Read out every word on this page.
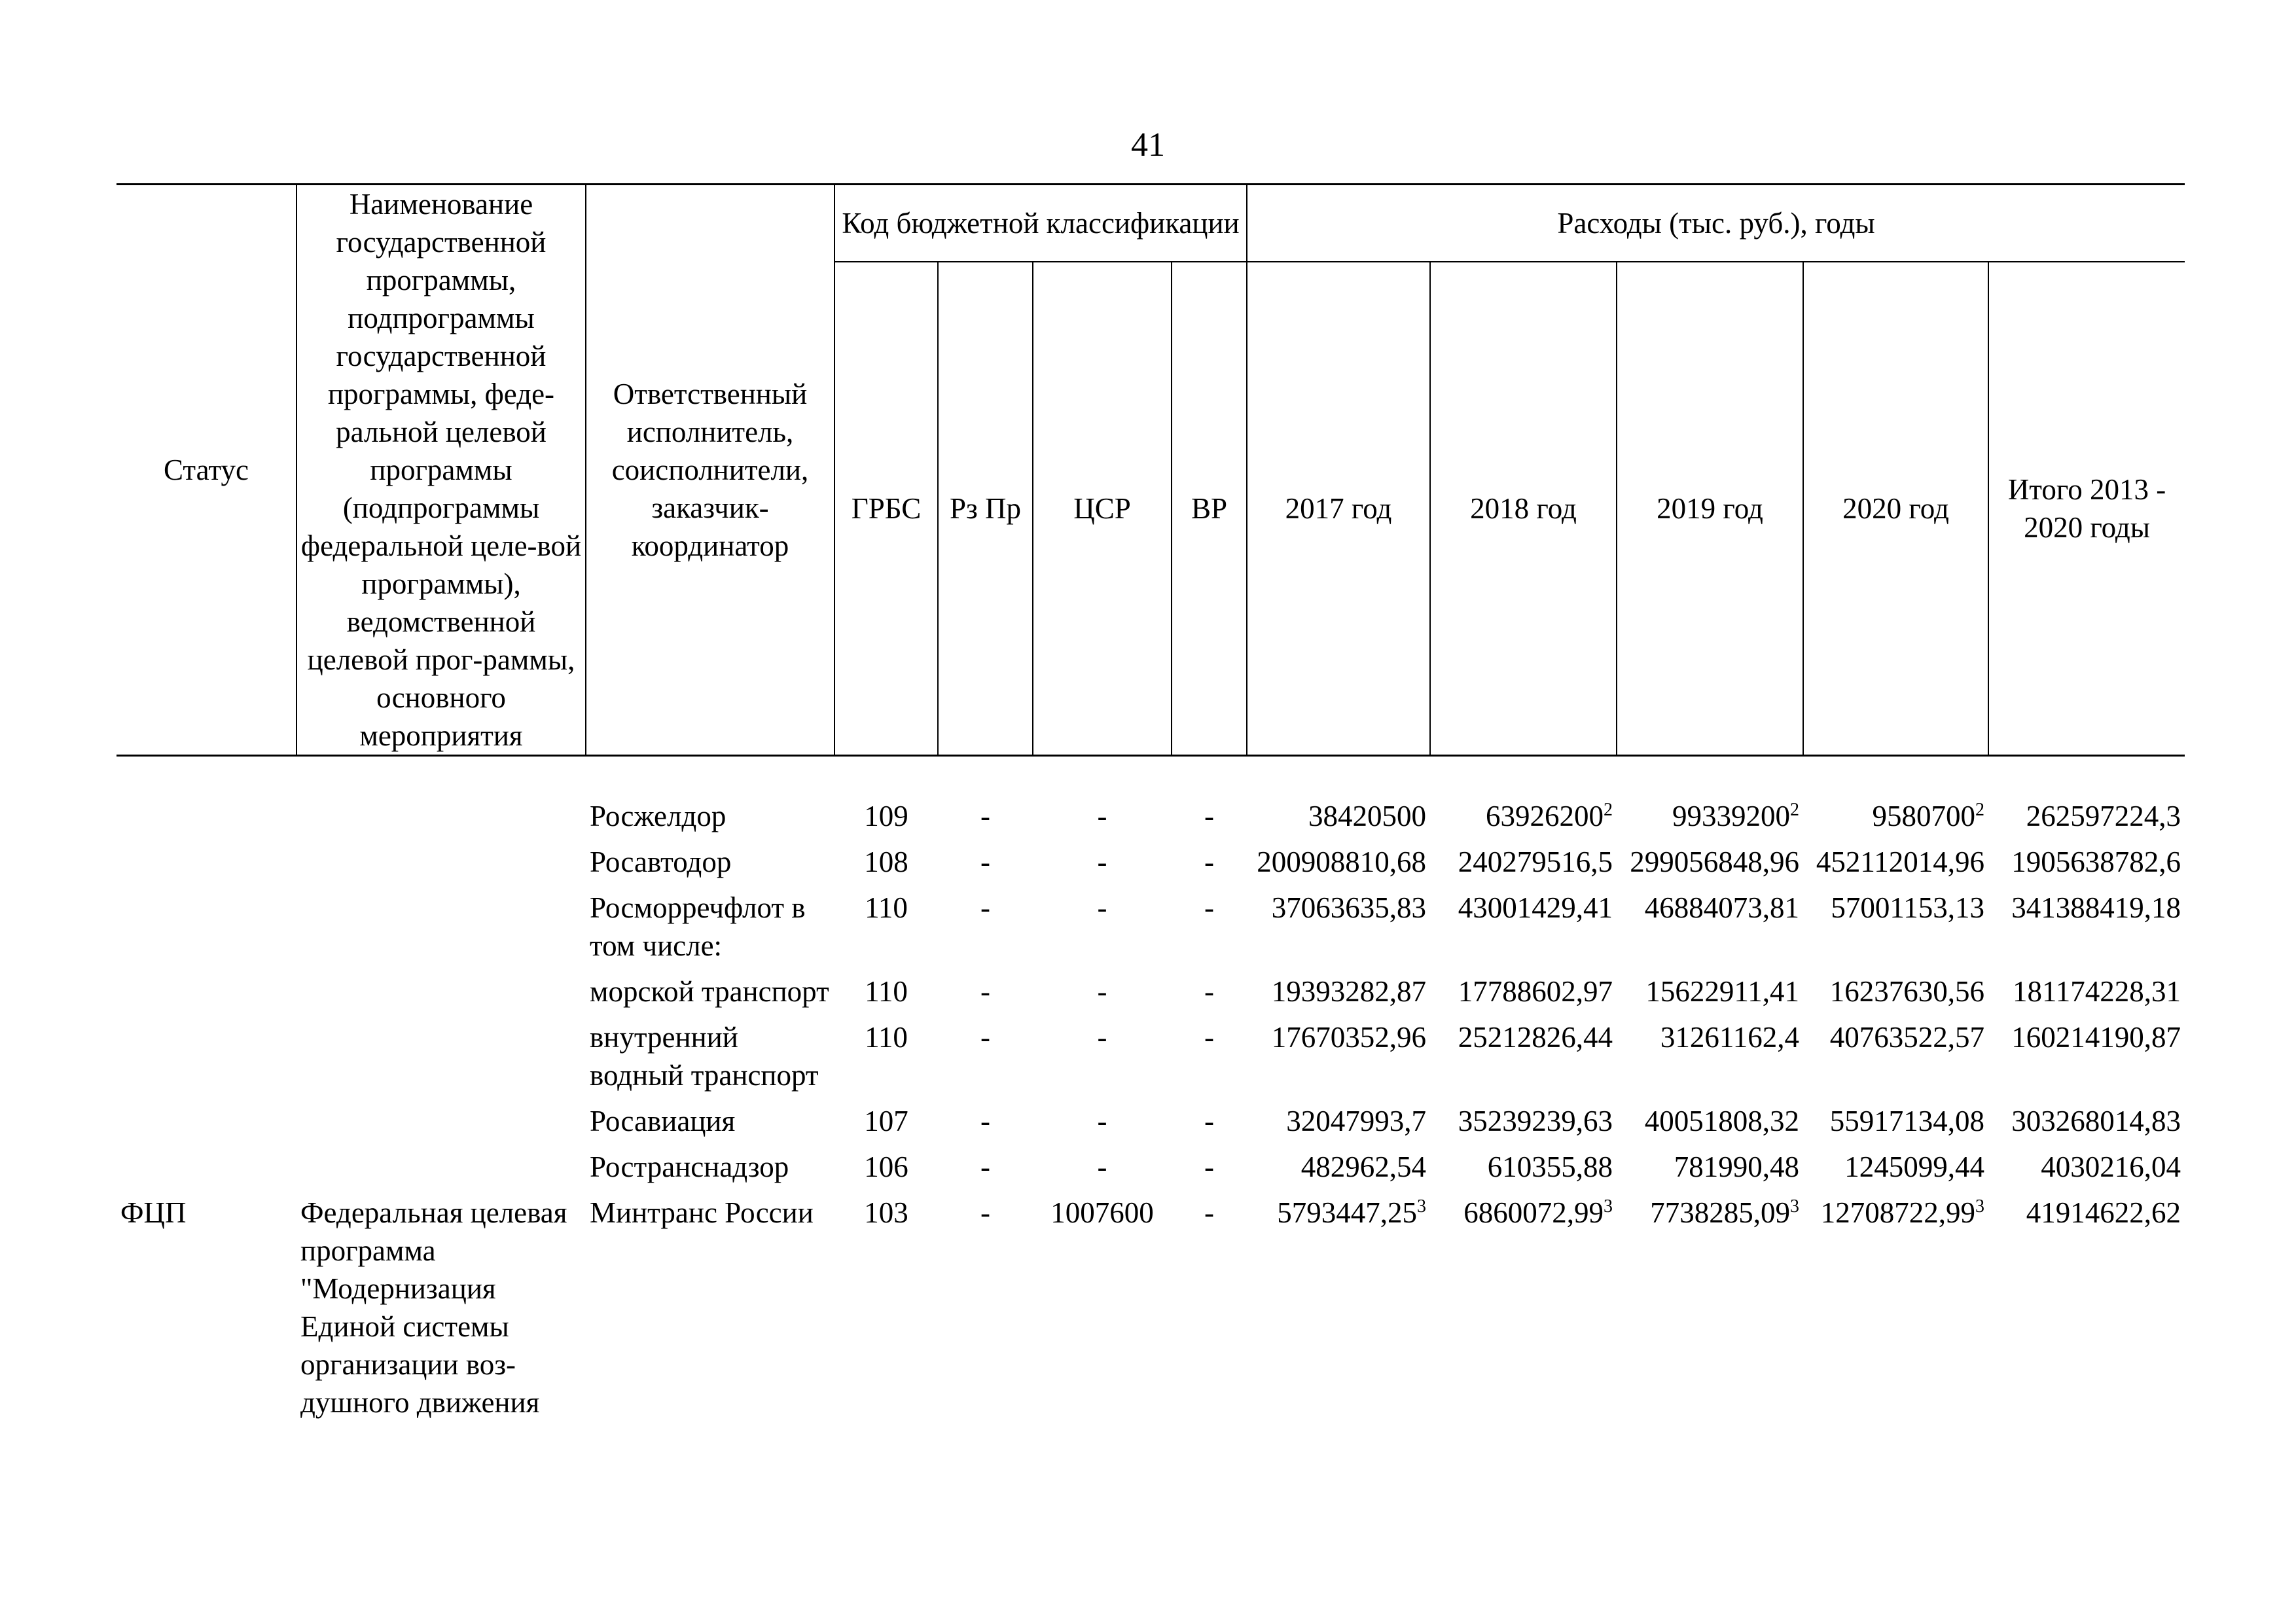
41
Статус	Наименование государственной программы, подпрограммы государственной программы, феде-ральной целевой программы (подпрограммы федеральной целе-вой программы), ведомственной целевой прог-раммы, основного мероприятия	Ответственный исполнитель, соисполнители, заказчик-координатор	Код бюджетной классификации				Расходы (тыс. руб.), годы				
			ГРБС	Рз Пр	ЦСР	ВР	2017 год	2018 год	2019 год	2020 год	Итого 2013 - 2020 годы
		Росжелдор	109	-	-	-	38420500	63926200$^2$	99339200$^2$	9580700$^2$	262597224,3
		Росавтодор	108	-	-	-	200908810,68	240279516,5	299056848,96	452112014,96	1905638782,6
		Росморречфлот в том числе:	110	-	-	-	37063635,83	43001429,41	46884073,81	57001153,13	341388419,18
		морской транспорт	110	-	-	-	19393282,87	17788602,97	15622911,41	16237630,56	181174228,31
		внутренний водный транспорт	110	-	-	-	17670352,96	25212826,44	31261162,4	40763522,57	160214190,87
		Росавиация	107	-	-	-	32047993,7	35239239,63	40051808,32	55917134,08	303268014,83
		Ространснадзор	106	-	-	-	482962,54	610355,88	781990,48	1245099,44	4030216,04
ФЦП	Федеральная целевая программа "Модернизация Единой системы организации воз-душного движения	Минтранс России	103	-	1007600	-	5793447,25$^3$	6860072,99$^3$	7738285,09$^3$	12708722,99$^3$	41914622,62
